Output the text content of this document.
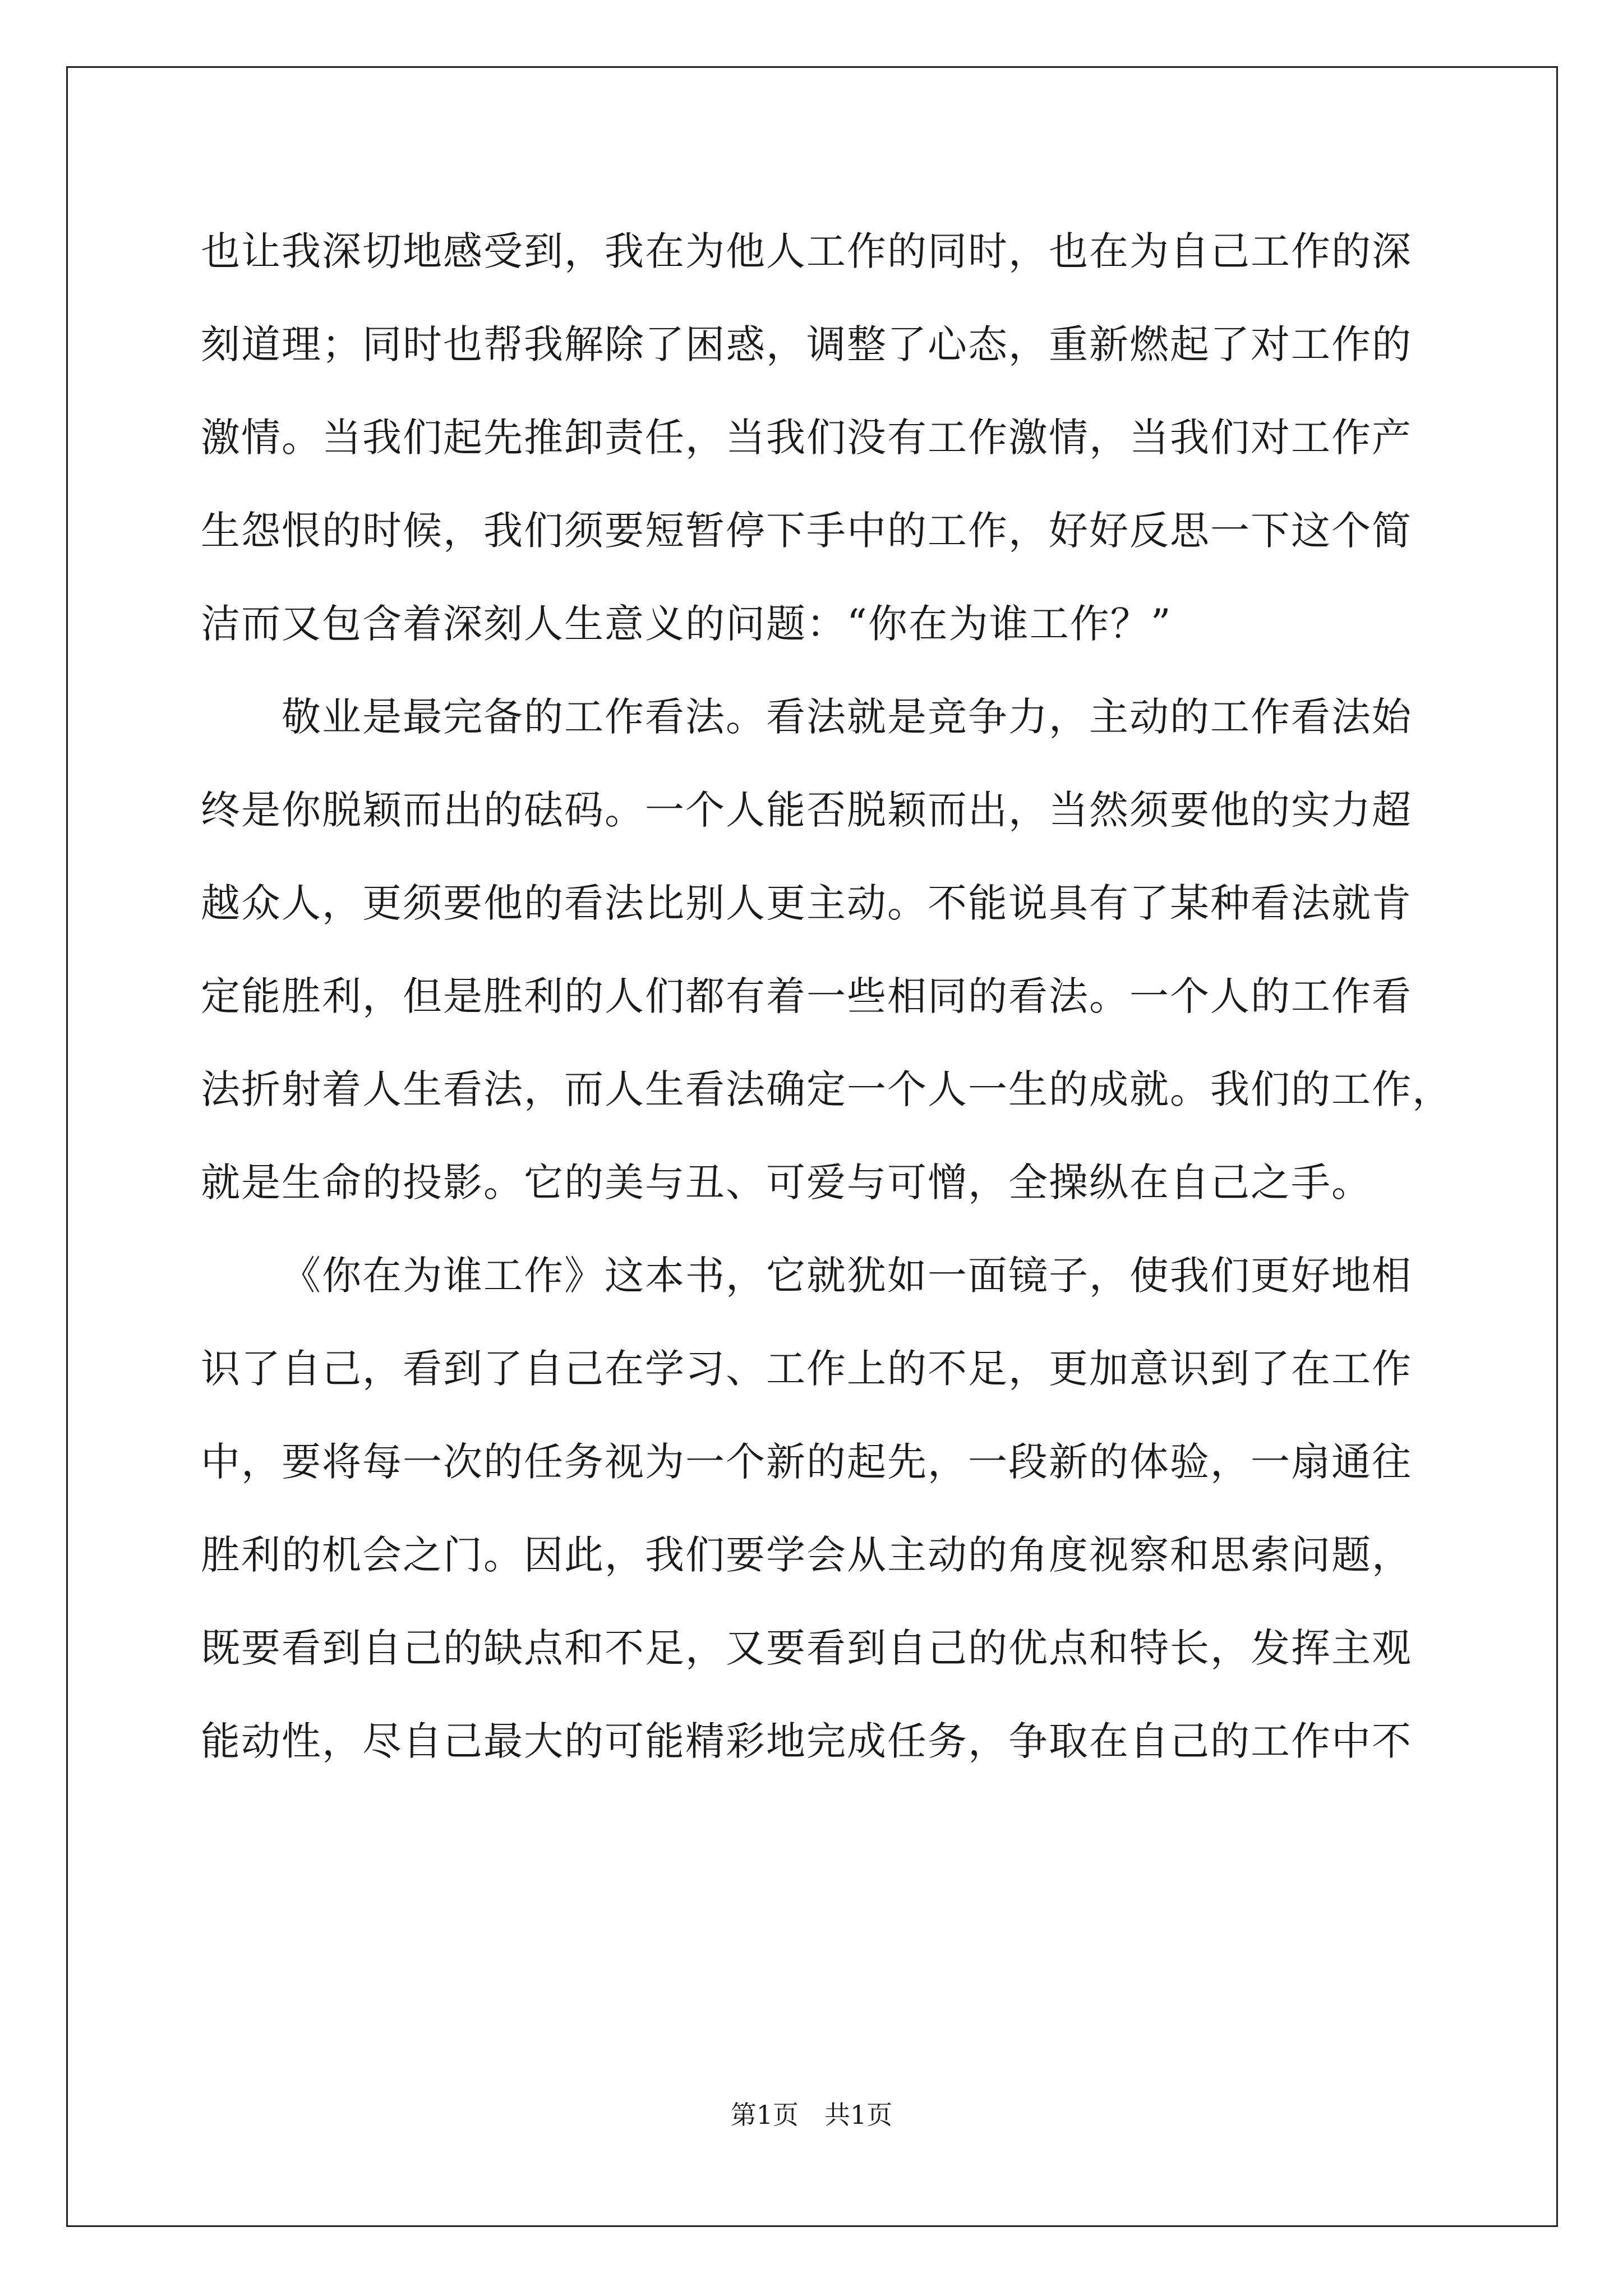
也让我深切地感受到，我在为他人工作的同时，也在为自己工作的深
刻道理；同时也帮我解除了困惑，调整了心态，重新燃起了对工作的
激情。当我们起先推卸责任，当我们没有工作激情，当我们对工作产
生怨恨的时候，我们须要短暂停下手中的工作，好好反思一下这个简
洁而又包含着深刻人生意义的问题：“你在为谁工作？”
敬业是最完备的工作看法。看法就是竞争力，主动的工作看法始
终是你脱颖而出的砝码。一个人能否脱颖而出，当然须要他的实力超
越众人，更须要他的看法比别人更主动。不能说具有了某种看法就肯
定能胜利，但是胜利的人们都有着一些相同的看法。一个人的工作看
法折射着人生看法，而人生看法确定一个人一生的成就。我们的工作，
就是生命的投影。它的美与丑、可爱与可憎，全操纵在自己之手。
《你在为谁工作》这本书，它就犹如一面镜子，使我们更好地相
识了自己，看到了自己在学习、工作上的不足，更加意识到了在工作
中，要将每一次的任务视为一个新的起先，一段新的体验，一扇通往
胜利的机会之门。因此，我们要学会从主动的角度视察和思索问题，
既要看到自己的缺点和不足，又要看到自己的优点和特长，发挥主观
能动性，尽自己最大的可能精彩地完成任务，争取在自己的工作中不
第1页　共1页
